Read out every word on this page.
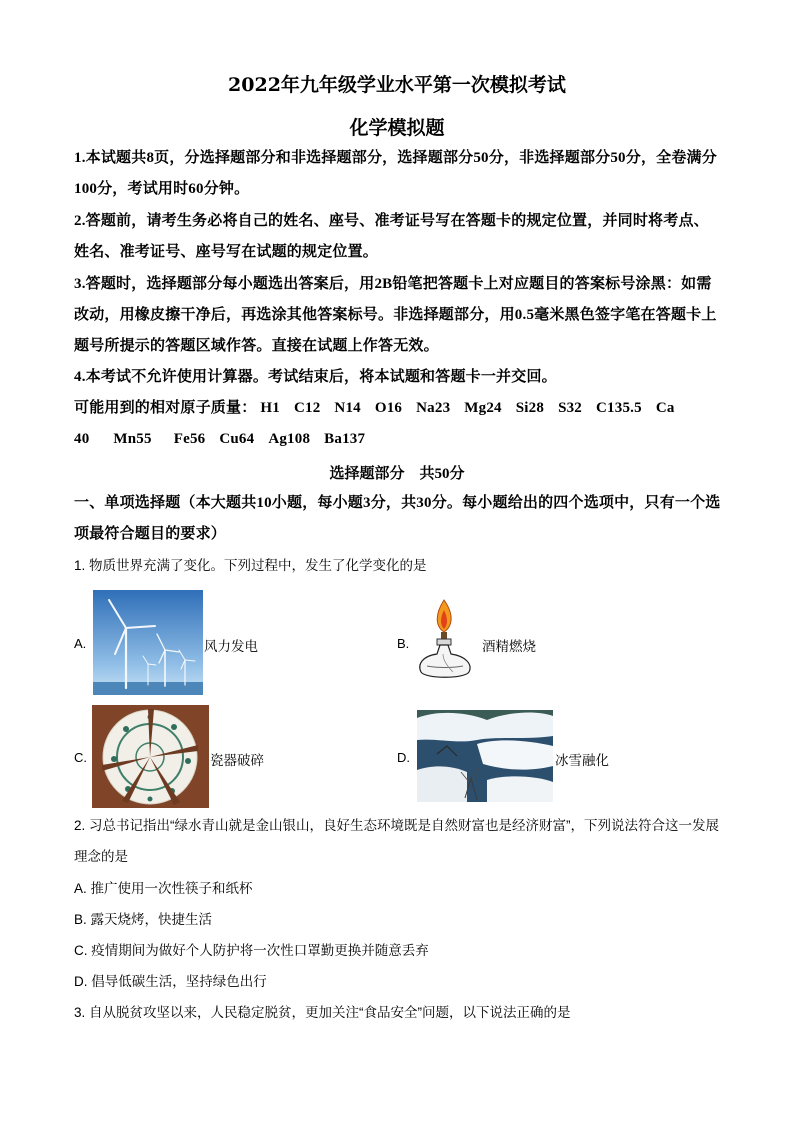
2022年九年级学业水平第一次模拟考试
化学模拟题
1.本试题共8页，分选择题部分和非选择题部分，选择题部分50分，非选择题部分50分，全卷满分100分，考试用时60分钟。
2.答题前，请考生务必将自己的姓名、座号、准考证号写在答题卡的规定位置，并同时将考点、姓名、准考证号、座号写在试题的规定位置。
3.答题时，选择题部分每小题选出答案后，用2B铅笔把答题卡上对应题目的答案标号涂黑：如需改动，用橡皮擦干净后，再选涂其他答案标号。非选择题部分，用0.5毫米黑色签字笔在答题卡上题号所提示的答题区域作答。直接在试题上作答无效。
4.本考试不允许使用计算器。考试结束后，将本试题和答题卡一并交回。
可能用到的相对原子质量： H1 C12 N14 O16 Na23 Mg24 Si28 S32 C135.5 Ca
40 Mn55 Fe56 Cu64 Ag108 Ba137
选择题部分　共50分
一、单项选择题（本大题共10小题，每小题3分，共30分。每小题给出的四个选项中，只有一个选项最符合题目的要求）
1. 物质世界充满了变化。下列过程中，发生了化学变化的是
A.	风力发电	B.	酒精燃烧
C.	瓷器破碎	D.	冰雪融化
2. 习总书记指出“绿水青山就是金山银山，良好生态环境既是自然财富也是经济财富”，下列说法符合这一发展理念的是
A. 推广使用一次性筷子和纸杯
B. 露天烧烤，快捷生活
C. 疫情期间为做好个人防护将一次性口罩勤更换并随意丢弃
D. 倡导低碳生活，坚持绿色出行
3. 自从脱贫攻坚以来，人民稳定脱贫，更加关注“食品安全”问题，以下说法正确的是
